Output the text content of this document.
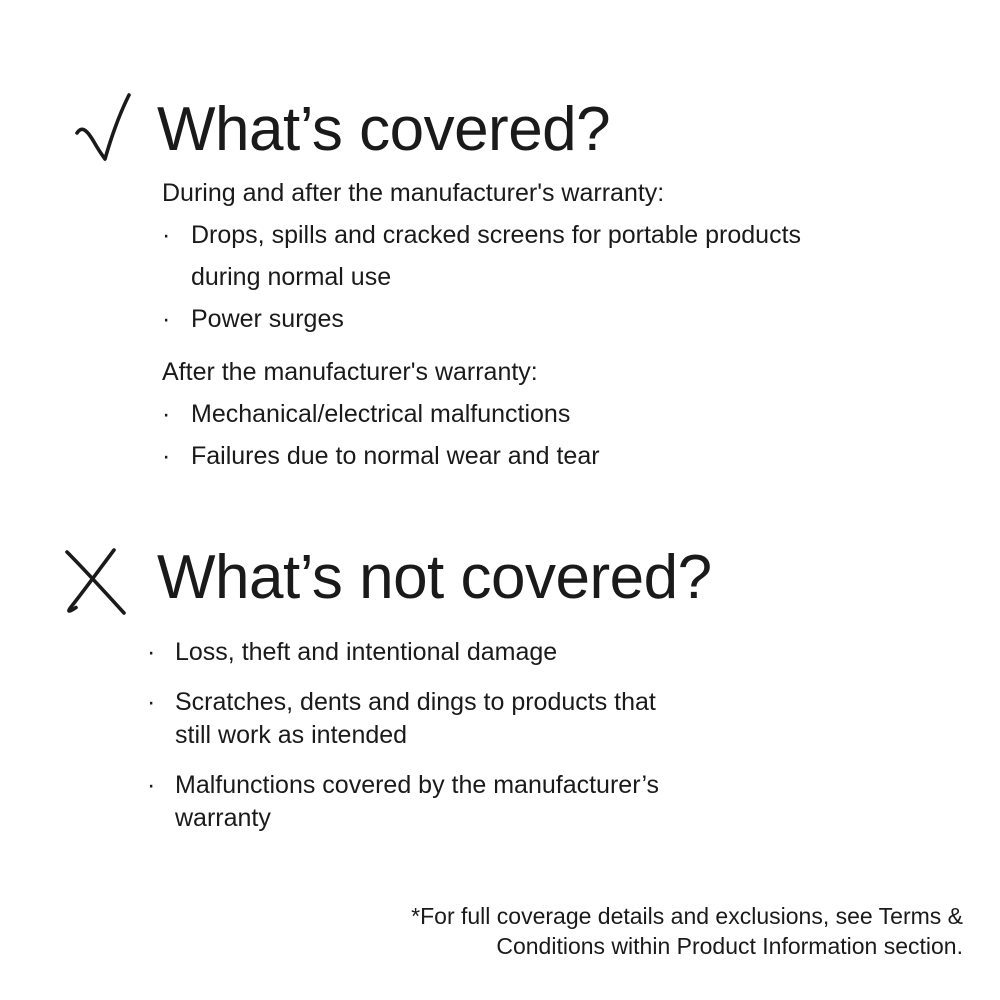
What’s covered?

During and after the manufacturer's warranty:

· Drops, spills and cracked screens for portable products during normal use
· Power surges

After the manufacturer's warranty:

· Mechanical/electrical malfunctions
· Failures due to normal wear and tear
What’s not covered?
· Loss, theft and intentional damage
· Scratches, dents and dings to products that still work as intended
· Malfunctions covered by the manufacturer’s warranty

*For full coverage details and exclusions, see Terms &
Conditions within Product Information section.
